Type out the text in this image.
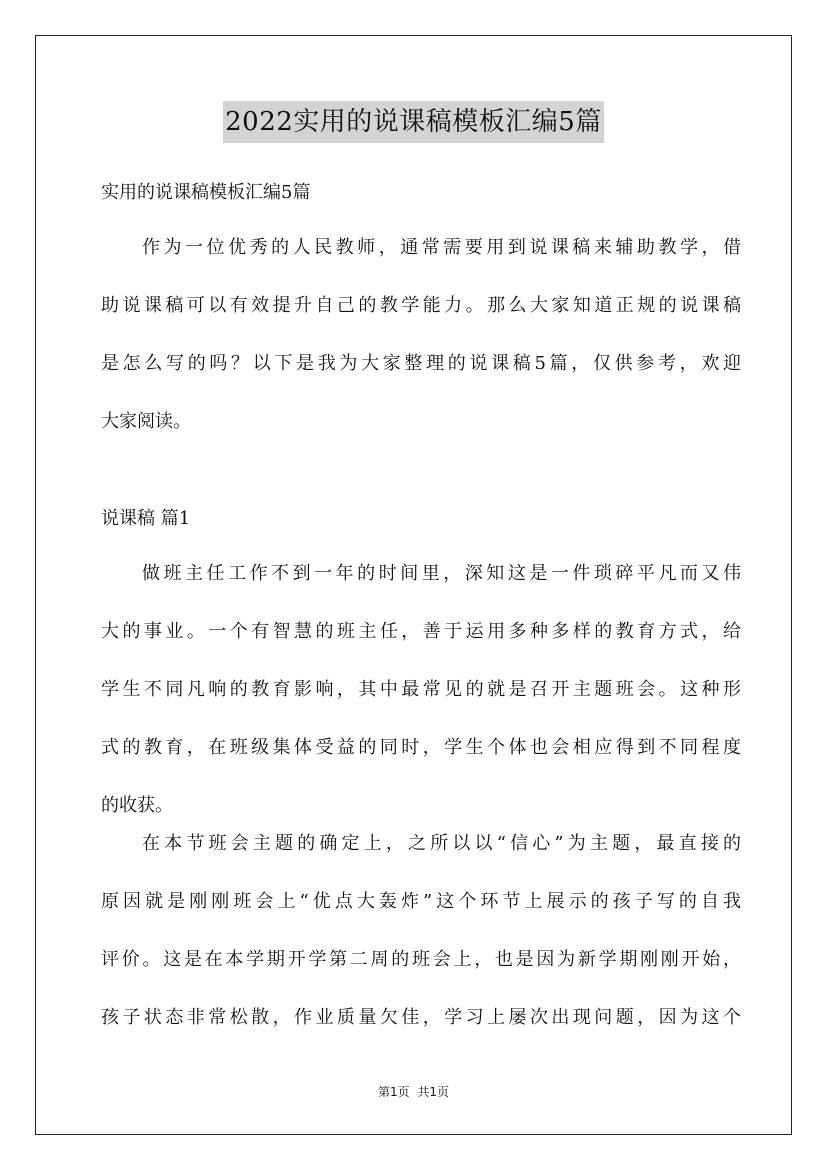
2022实用的说课稿模板汇编5篇

实用的说课稿模板汇编5篇

作为一位优秀的人民教师，通常需要用到说课稿来辅助教学，借
助说课稿可以有效提升自己的教学能力。那么大家知道正规的说课稿
是怎么写的吗？以下是我为大家整理的说课稿5篇，仅供参考，欢迎
大家阅读。

说课稿 篇1

做班主任工作不到一年的时间里，深知这是一件琐碎平凡而又伟
大的事业。一个有智慧的班主任，善于运用多种多样的教育方式，给
学生不同凡响的教育影响，其中最常见的就是召开主题班会。这种形
式的教育，在班级集体受益的同时，学生个体也会相应得到不同程度
的收获。
在本节班会主题的确定上，之所以以“信心”为主题，最直接的
原因就是刚刚班会上“优点大轰炸”这个环节上展示的孩子写的自我
评价。这是在本学期开学第二周的班会上，也是因为新学期刚刚开始，
孩子状态非常松散，作业质量欠佳，学习上屡次出现问题，因为这个
第1页 共1页
